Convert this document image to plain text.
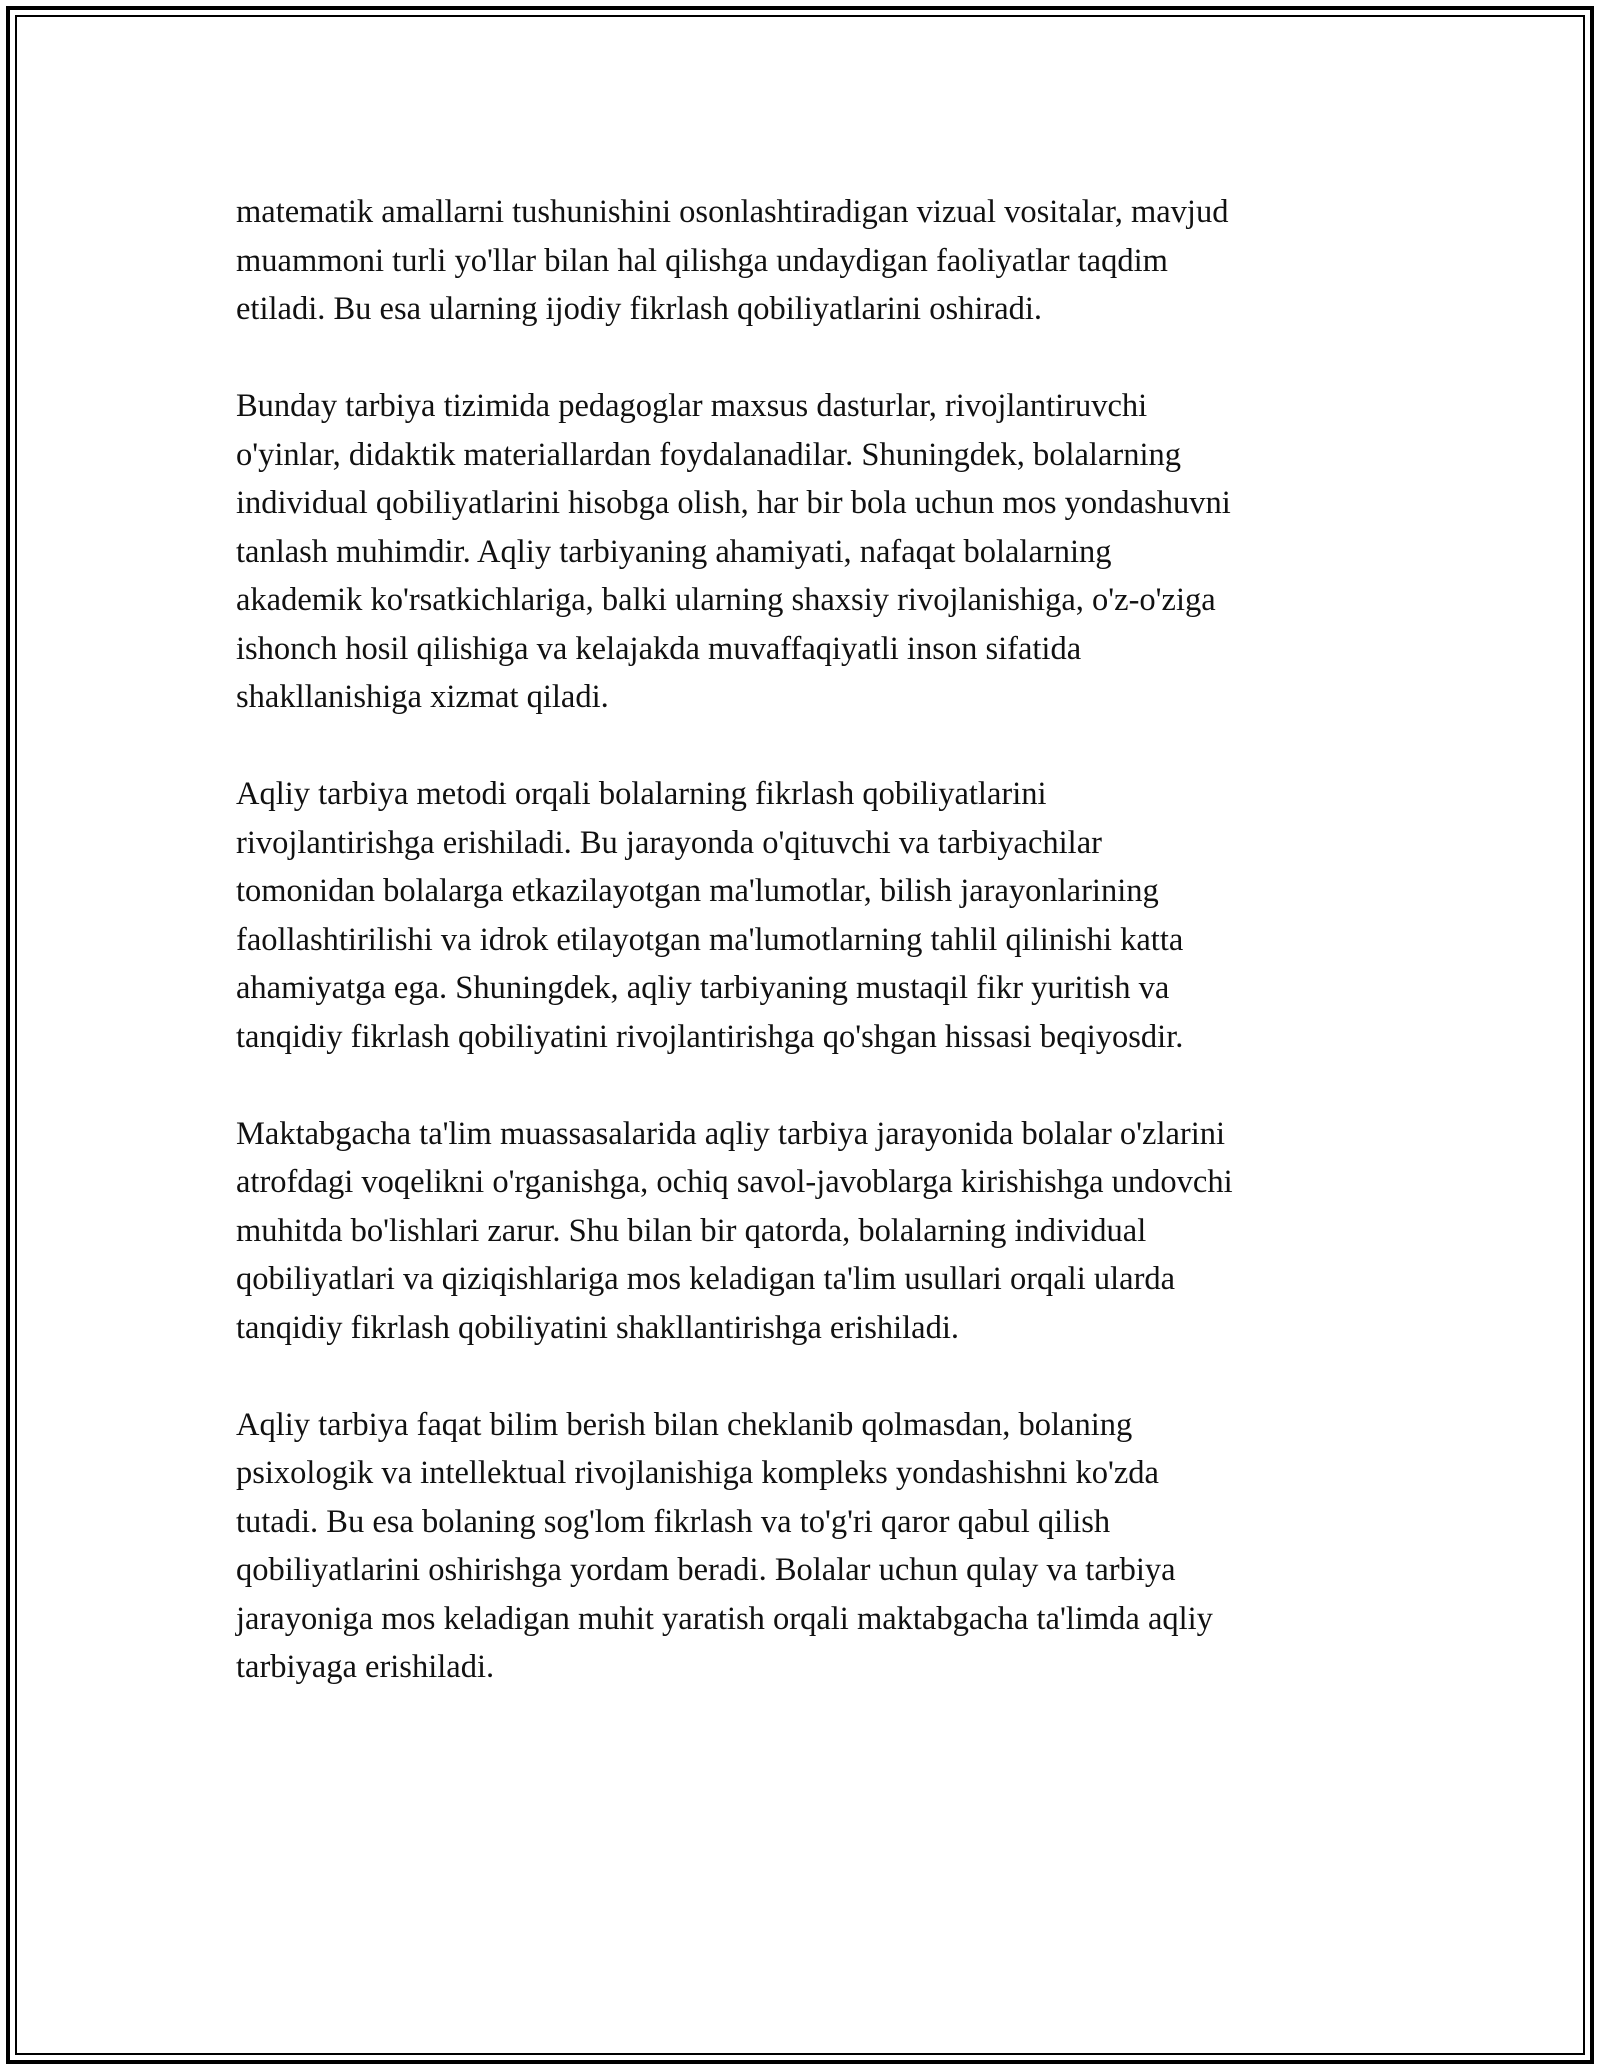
matematik amallarni tushunishini osonlashtiradigan vizual vositalar, mavjud
muammoni turli yo'llar bilan hal qilishga undaydigan faoliyatlar taqdim
etiladi. Bu esa ularning ijodiy fikrlash qobiliyatlarini oshiradi.

Bunday tarbiya tizimida pedagoglar maxsus dasturlar, rivojlantiruvchi
o'yinlar, didaktik materiallardan foydalanadilar. Shuningdek, bolalarning
individual qobiliyatlarini hisobga olish, har bir bola uchun mos yondashuvni
tanlash muhimdir. Aqliy tarbiyaning ahamiyati, nafaqat bolalarning
akademik ko'rsatkichlariga, balki ularning shaxsiy rivojlanishiga, o'z-o'ziga
ishonch hosil qilishiga va kelajakda muvaffaqiyatli inson sifatida
shakllanishiga xizmat qiladi.

Aqliy tarbiya metodi orqali bolalarning fikrlash qobiliyatlarini
rivojlantirishga erishiladi. Bu jarayonda o'qituvchi va tarbiyachilar
tomonidan bolalarga etkazilayotgan ma'lumotlar, bilish jarayonlarining
faollashtirilishi va idrok etilayotgan ma'lumotlarning tahlil qilinishi katta
ahamiyatga ega. Shuningdek, aqliy tarbiyaning mustaqil fikr yuritish va
tanqidiy fikrlash qobiliyatini rivojlantirishga qo'shgan hissasi beqiyosdir.

Maktabgacha ta'lim muassasalarida aqliy tarbiya jarayonida bolalar o'zlarini
atrofdagi voqelikni o'rganishga, ochiq savol-javoblarga kirishishga undovchi
muhitda bo'lishlari zarur. Shu bilan bir qatorda, bolalarning individual
qobiliyatlari va qiziqishlariga mos keladigan ta'lim usullari orqali ularda
tanqidiy fikrlash qobiliyatini shakllantirishga erishiladi.

Aqliy tarbiya faqat bilim berish bilan cheklanib qolmasdan, bolaning
psixologik va intellektual rivojlanishiga kompleks yondashishni ko'zda
tutadi. Bu esa bolaning sog'lom fikrlash va to'g'ri qaror qabul qilish
qobiliyatlarini oshirishga yordam beradi. Bolalar uchun qulay va tarbiya
jarayoniga mos keladigan muhit yaratish orqali maktabgacha ta'limda aqliy
tarbiyaga erishiladi.
